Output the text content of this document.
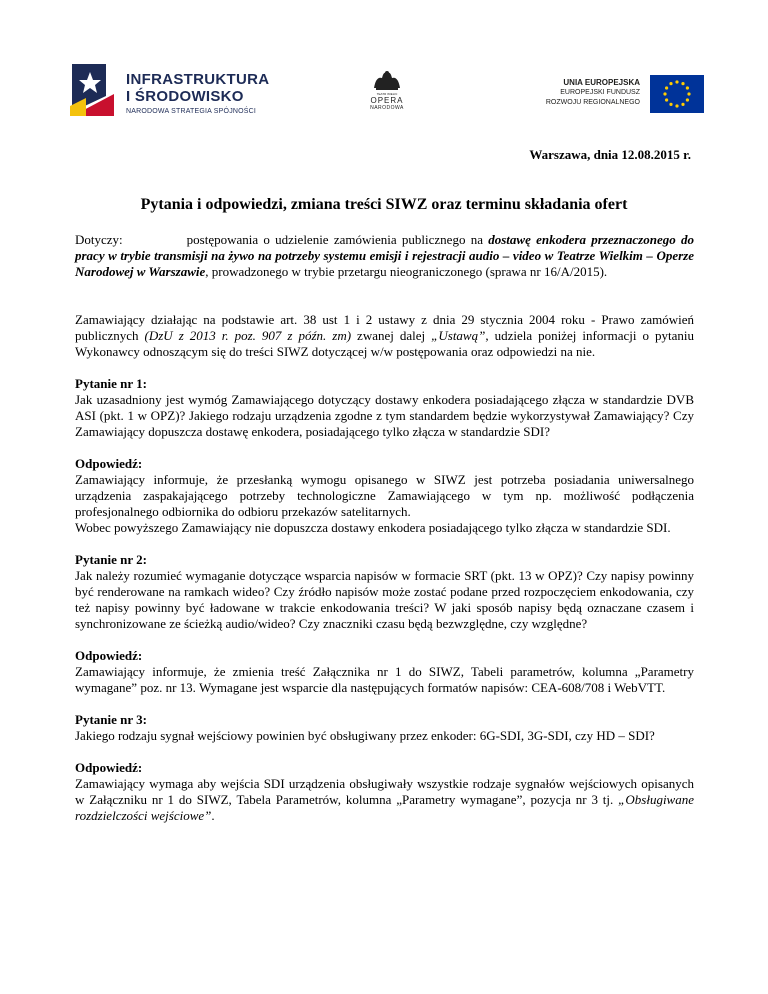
INFRASTRUKTURA
I ŚRODOWISKO
NARODOWA STRATEGIA SPÓJNOŚCI
TEATR WIELKI
OPERA
NARODOWA
UNIA EUROPEJSKA
EUROPEJSKI FUNDUSZ
ROZWOJU REGIONALNEGO
Warszawa, dnia 12.08.2015 r.
Pytania i odpowiedzi, zmiana treści SIWZ oraz terminu składania ofert

Dotyczy:	postępowania o udzielenie zamówienia publicznego na dostawę enkodera przeznaczonego do pracy w trybie transmisji na żywo na potrzeby systemu emisji i rejestracji audio – video w Teatrze Wielkim – Operze Narodowej w Warszawie, prowadzonego w trybie przetargu nieograniczonego (sprawa nr 16/A/2015).

Zamawiający działając na podstawie art. 38 ust 1 i 2 ustawy z dnia 29 stycznia 2004 roku - Prawo zamówień publicznych (DzU z 2013 r. poz. 907 z późn. zm) zwanej dalej „Ustawą”, udziela poniżej informacji o pytaniu Wykonawcy odnoszącym się do treści SIWZ dotyczącej w/w postępowania oraz odpowiedzi na nie.

Pytanie nr 1:

Jak uzasadniony jest wymóg Zamawiającego dotyczący dostawy enkodera posiadającego złącza w standardzie DVB ASI (pkt. 1 w OPZ)? Jakiego rodzaju urządzenia zgodne z tym standardem będzie wykorzystywał Zamawiający? Czy Zamawiający dopuszcza dostawę enkodera, posiadającego tylko złącza w standardzie SDI?

Odpowiedź:

Zamawiający informuje, że przesłanką wymogu opisanego w SIWZ jest potrzeba posiadania uniwersalnego urządzenia zaspakajającego potrzeby technologiczne Zamawiającego w tym np. możliwość podłączenia profesjonalnego odbiornika do odbioru przekazów satelitarnych.

Wobec powyższego Zamawiający nie dopuszcza dostawy enkodera posiadającego tylko złącza w standardzie SDI.

Pytanie nr 2:

Jak należy rozumieć wymaganie dotyczące wsparcia napisów w formacie SRT (pkt. 13 w OPZ)? Czy napisy powinny być renderowane na ramkach wideo? Czy źródło napisów może zostać podane przed rozpoczęciem enkodowania, czy też napisy powinny być ładowane w trakcie enkodowania treści? W jaki sposób napisy będą oznaczane czasem i synchronizowane ze ścieżką audio/wideo? Czy znaczniki czasu będą bezwzględne, czy względne?

Odpowiedź:

Zamawiający informuje, że zmienia treść Załącznika nr 1 do SIWZ, Tabeli parametrów, kolumna „Parametry wymagane” poz. nr 13. Wymagane jest wsparcie dla następujących formatów napisów: CEA-608/708 i WebVTT.

Pytanie nr 3:

Jakiego rodzaju sygnał wejściowy powinien być obsługiwany przez enkoder: 6G-SDI, 3G-SDI, czy HD – SDI?

Odpowiedź:

Zamawiający wymaga aby wejścia SDI urządzenia obsługiwały wszystkie rodzaje sygnałów wejściowych opisanych w Załączniku nr 1 do SIWZ, Tabela Parametrów, kolumna „Parametry wymagane”, pozycja nr 3 tj. „Obsługiwane rozdzielczości wejściowe”.
